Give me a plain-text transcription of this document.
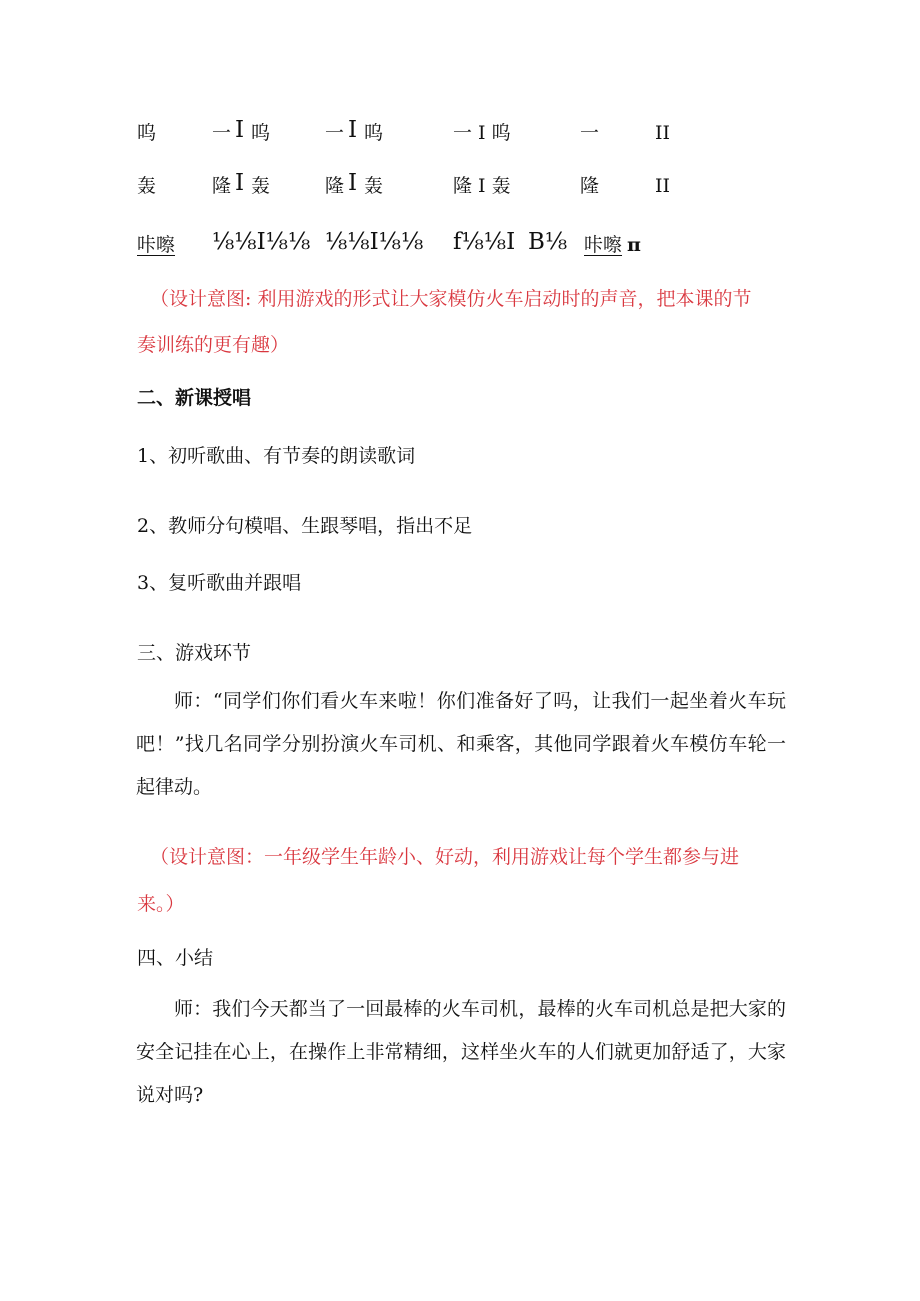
呜	一 I 呜	一 I 呜	一 I 呜	一	II
轰	隆 I 轰	隆 I 轰	隆 I 轰	隆	II
咔嚓 ⅛⅛I⅛⅛ ⅛⅛I⅛⅛ f⅛⅛I B⅛ 咔嚓 π
（设计意图: 利用游戏的形式让大家模仿火车启动时的声音，把本课的节
奏训练的更有趣）
二、新课授唱
1、初听歌曲、有节奏的朗读歌词
2、教师分句模唱、生跟琴唱，指出不足
3、复听歌曲并跟唱
三、游戏环节
师：“同学们你们看火车来啦！你们准备好了吗，让我们一起坐着火车玩吧！”找几名同学分别扮演火车司机、和乘客，其他同学跟着火车模仿车轮一起律动。
（设计意图：一年级学生年龄小、好动，利用游戏让每个学生都参与进
来。）
四、小结
师：我们今天都当了一回最棒的火车司机，最棒的火车司机总是把大家的安全记挂在心上，在操作上非常精细，这样坐火车的人们就更加舒适了，大家说对吗?
